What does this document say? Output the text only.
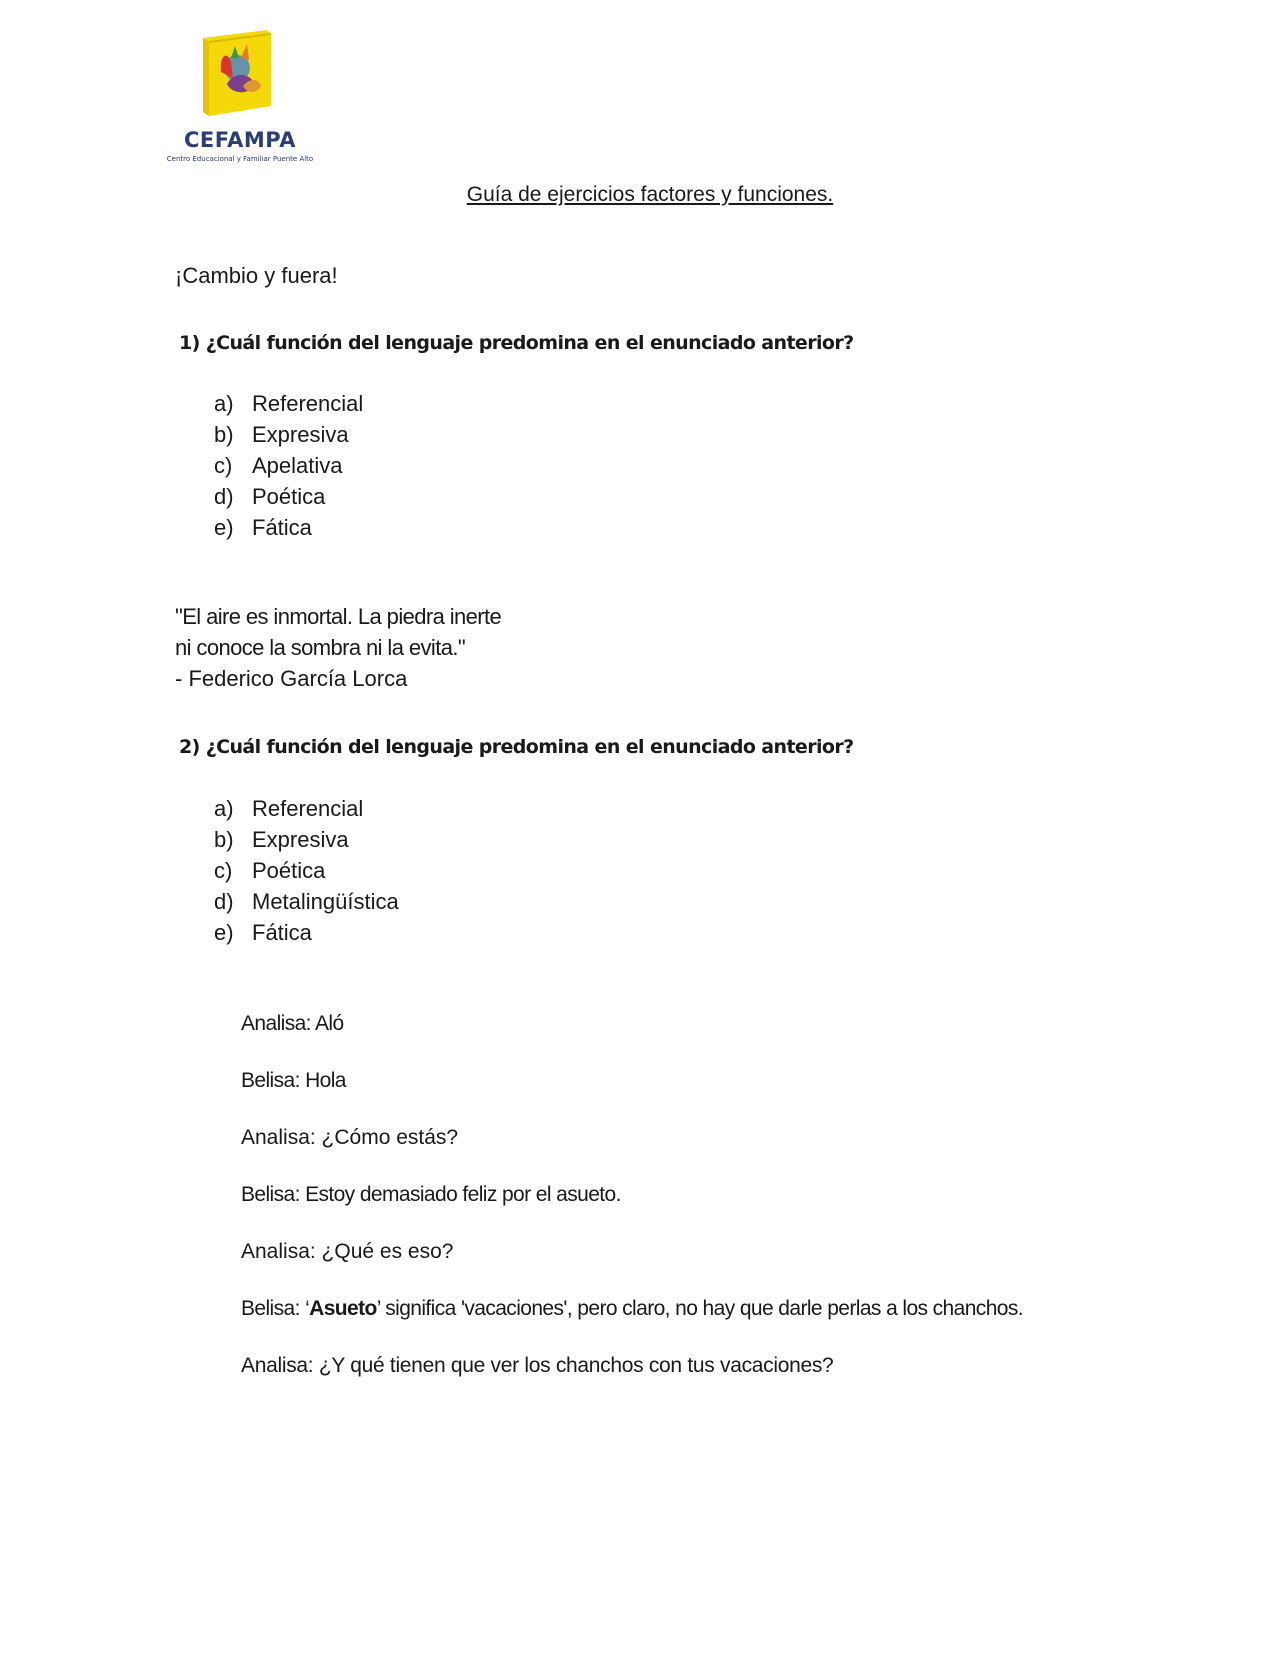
CEFAMPA
Centro Educacional y Familiar Puente Alto
Guía de ejercicios factores y funciones.
¡Cambio y fuera!
1) ¿Cuál función del lenguaje predomina en el enunciado anterior?
a) Referencial
b) Expresiva
c) Apelativa
d) Poética
e) Fática
"El aire es inmortal. La piedra inerte
ni conoce la sombra ni la evita."
- Federico García Lorca
2) ¿Cuál función del lenguaje predomina en el enunciado anterior?
a) Referencial
b) Expresiva
c) Poética
d) Metalingüística
e) Fática
Analisa: Aló
Belisa: Hola
Analisa: ¿Cómo estás?
Belisa: Estoy demasiado feliz por el asueto.
Analisa: ¿Qué es eso?
Belisa: ‘Asueto’ significa 'vacaciones', pero claro, no hay que darle perlas a los chanchos.
Analisa: ¿Y qué tienen que ver los chanchos con tus vacaciones?
